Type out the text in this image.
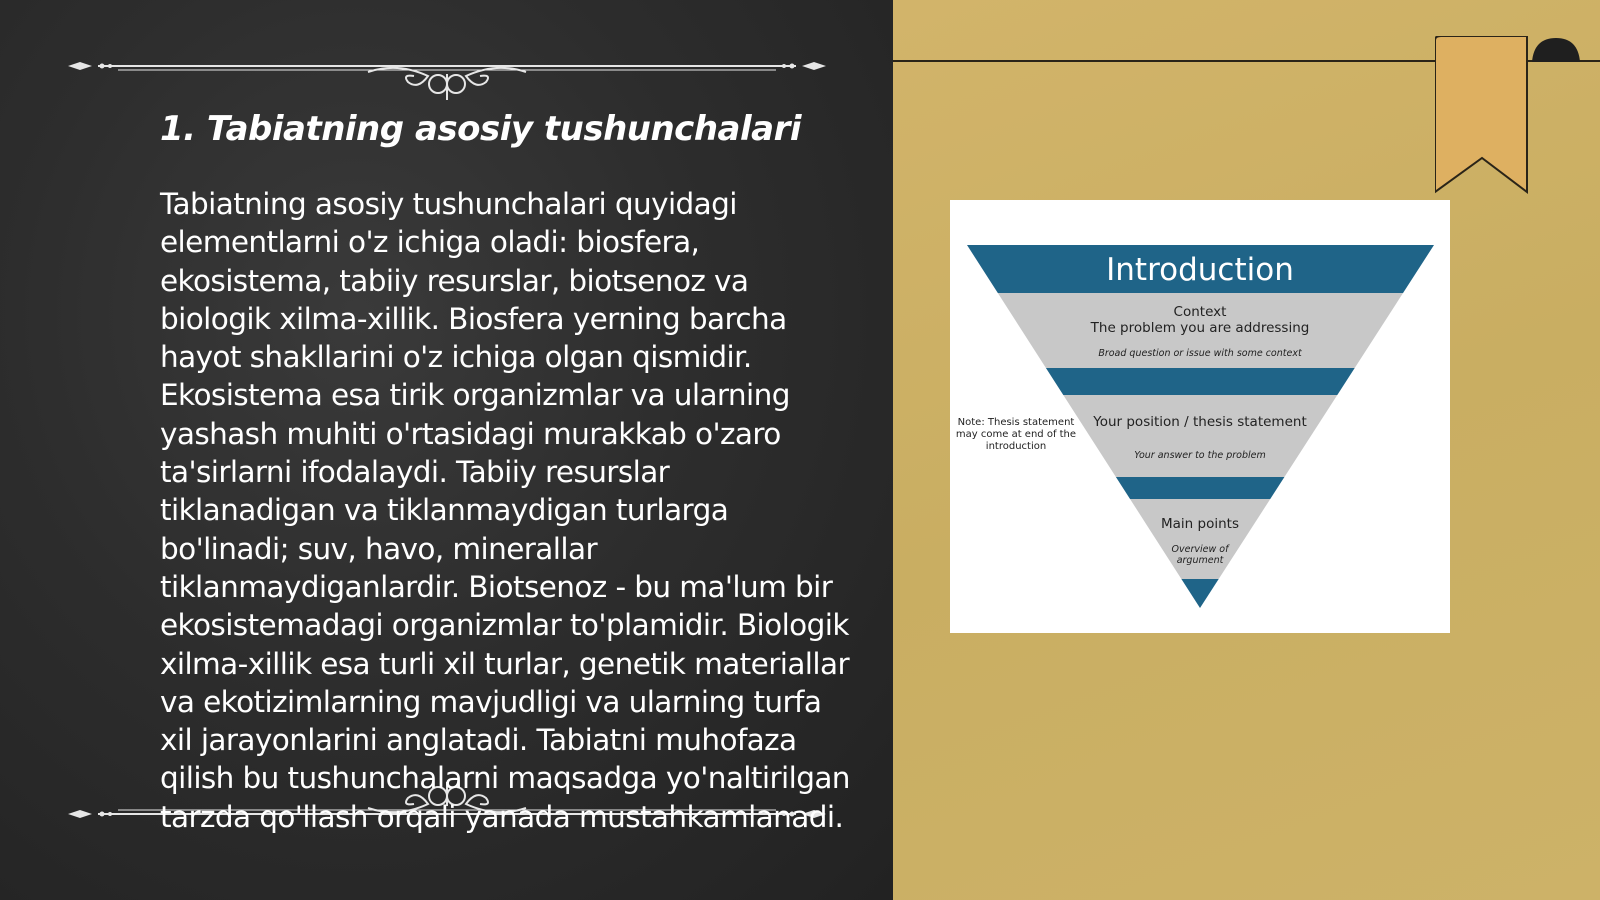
1. Tabiatning asosiy tushunchalari

Tabiatning asosiy tushunchalari quyidagi elementlarni o'z ichiga oladi: biosfera, ekosistema, tabiiy resurslar, biotsenoz va biologik xilma-xillik. Biosfera yerning barcha hayot shakllarini o'z ichiga olgan qismidir. Ekosistema esa tirik organizmlar va ularning yashash muhiti o'rtasidagi murakkab o'zaro ta'sirlarni ifodalaydi. Tabiiy resurslar tiklanadigan va tiklanmaydigan turlarga bo'linadi; suv, havo, minerallar tiklanmaydiganlardir. Biotsenoz - bu ma'lum bir ekosistemadagi organizmlar to'plamidir. Biologik xilma-xillik esa turli xil turlar, genetik materiallar va ekotizimlarning mavjudligi va ularning turfa xil jarayonlarini anglatadi. Tabiatni muhofaza qilish bu tushunchalarni maqsadga yo'naltirilgan tarzda qo'llash orqali yanada mustahkamlanadi.

Introduction
Context
The problem you are addressing
Broad question or issue with some context
Your position / thesis statement
Your answer to the problem
Note: Thesis statement
may come at end of the
introduction
Main points
Overview of
argument
